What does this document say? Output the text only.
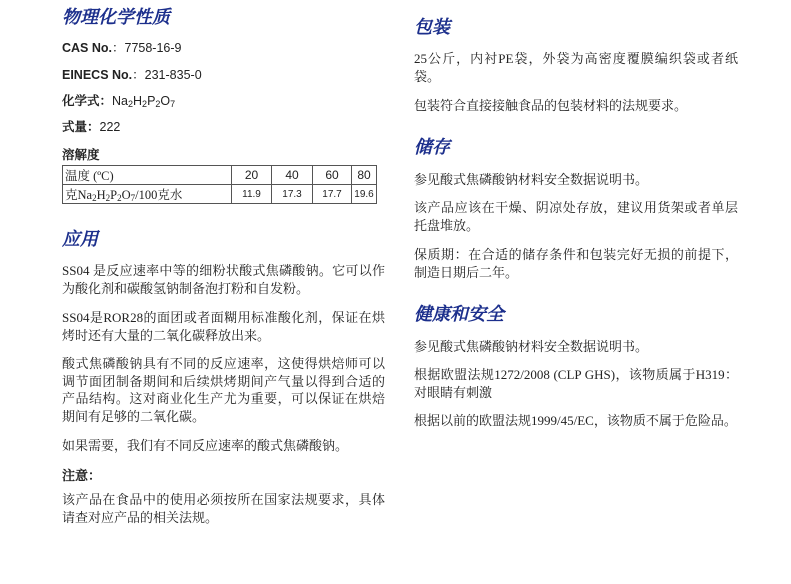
物理化学性质
CAS No.：7758-16-9
EINECS No.：231-835-0
化学式：$Na_2H_2P_2O_7$
式量：222
溶解度
温度 (ºC)	20	40	60	80
克$Na_2H_2P_2O_7/100$克水	11.9	17.3	17.7	19.6
应用

SS04 是反应速率中等的细粉状酸式焦磷酸钠。它可以作为酸化剂和碳酸氢钠制备泡打粉和自发粉。

SS04是ROR28的面团或者面糊用标准酸化剂，保证在烘烤时还有大量的二氧化碳释放出来。

酸式焦磷酸钠具有不同的反应速率，这使得烘焙师可以调节面团制备期间和后续烘烤期间产气量以得到合适的产品结构。这对商业化生产尤为重要，可以保证在烘焙期间有足够的二氧化碳。

如果需要，我们有不同反应速率的酸式焦磷酸钠。

注意：

该产品在食品中的使用必须按所在国家法规要求，具体请查对应产品的相关法规。

包装

25公斤，内衬PE袋，外袋为高密度覆膜编织袋或者纸袋。

包装符合直接接触食品的包装材料的法规要求。

储存

参见酸式焦磷酸钠材料安全数据说明书。

该产品应该在干燥、阴凉处存放，建议用货架或者单层托盘堆放。

保质期：在合适的储存条件和包装完好无损的前提下，制造日期后二年。

健康和安全

参见酸式焦磷酸钠材料安全数据说明书。

根据欧盟法规1272/2008 (CLP GHS)，该物质属于H319：对眼睛有刺激

根据以前的欧盟法规1999/45/EC，该物质不属于危险品。
